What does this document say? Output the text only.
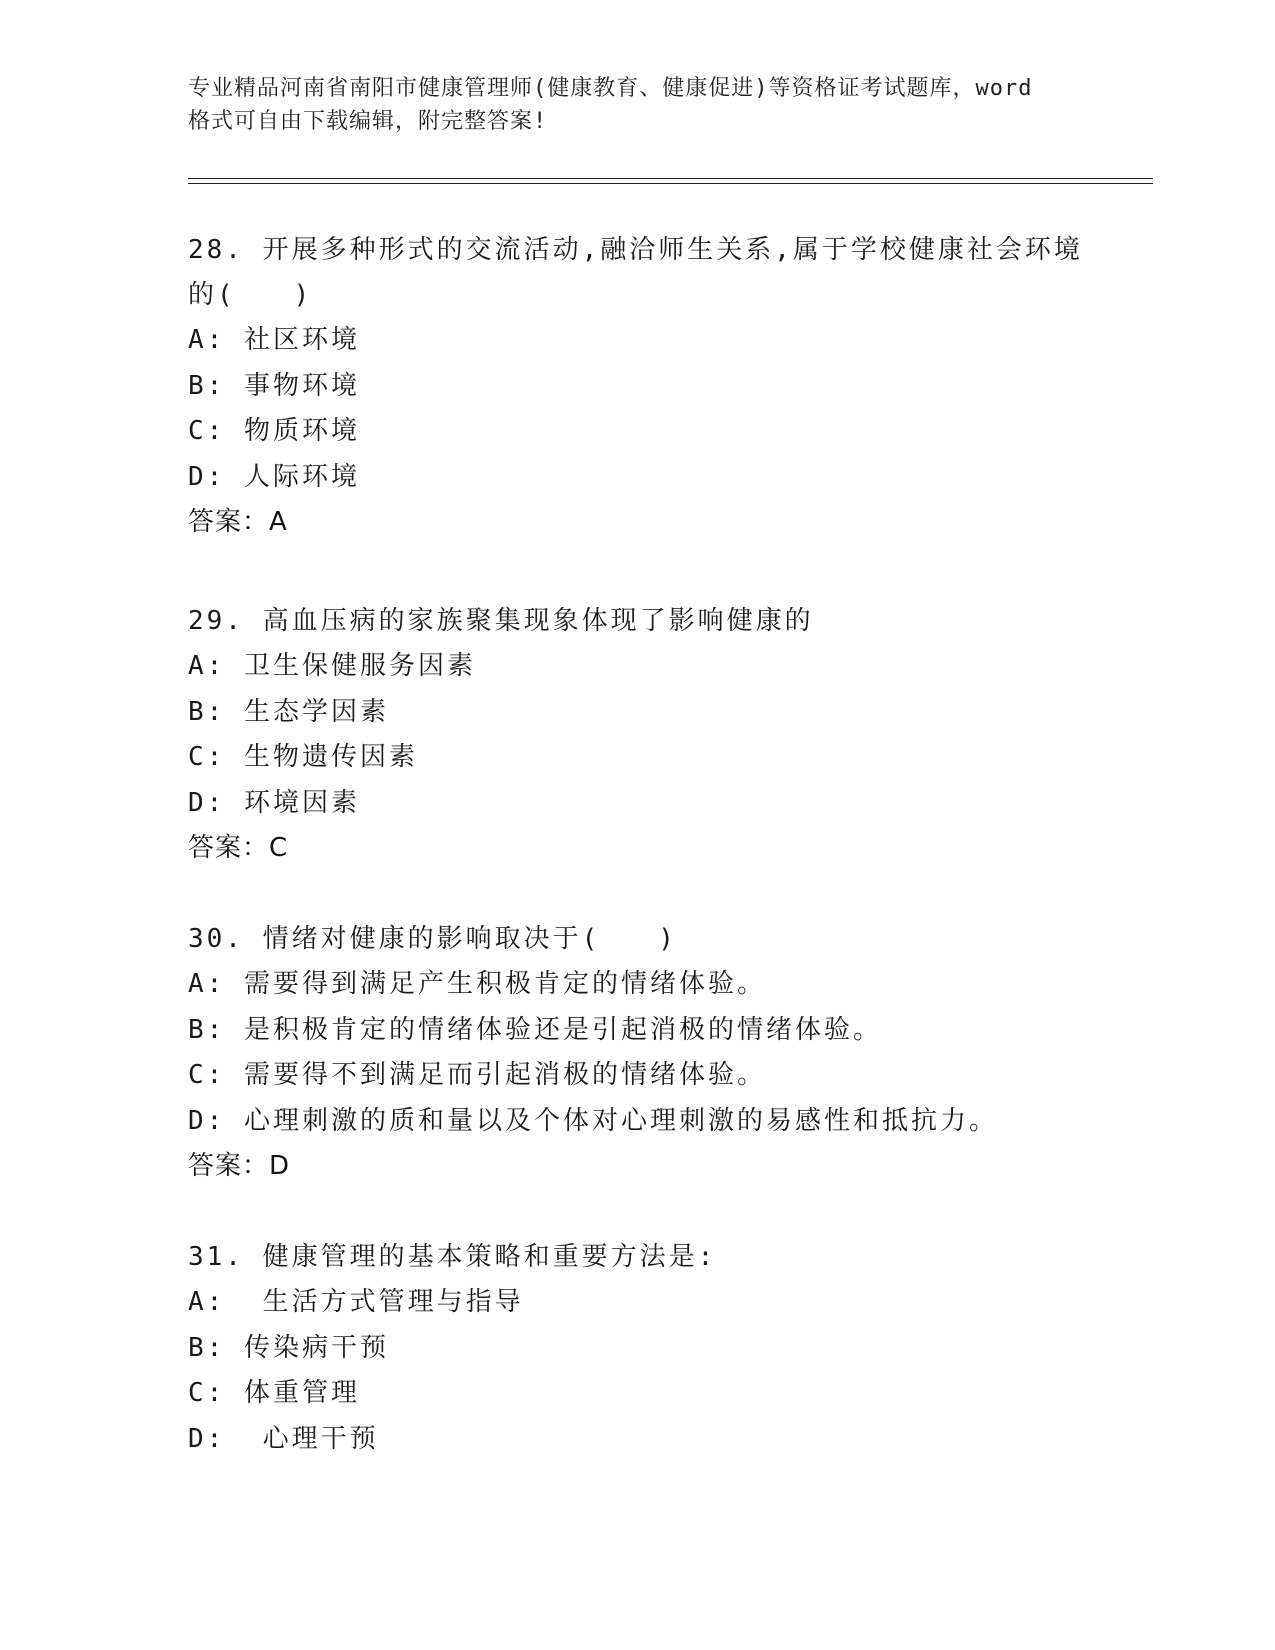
专业精品河南省南阳市健康管理师(健康教育、健康促进)等资格证考试题库，word
格式可自由下载编辑，附完整答案!
28. 开展多种形式的交流活动,融洽师生关系,属于学校健康社会环境
的(　　)
A: 社区环境
B: 事物环境
C: 物质环境
D: 人际环境
答案：A
29. 高血压病的家族聚集现象体现了影响健康的
A: 卫生保健服务因素
B: 生态学因素
C: 生物遗传因素
D: 环境因素
答案：C
30. 情绪对健康的影响取决于(　　)
A: 需要得到满足产生积极肯定的情绪体验。
B: 是积极肯定的情绪体验还是引起消极的情绪体验。
C: 需要得不到满足而引起消极的情绪体验。
D: 心理刺激的质和量以及个体对心理刺激的易感性和抵抗力。
答案：D
31. 健康管理的基本策略和重要方法是:
A:  生活方式管理与指导
B: 传染病干预
C: 体重管理
D:  心理干预
